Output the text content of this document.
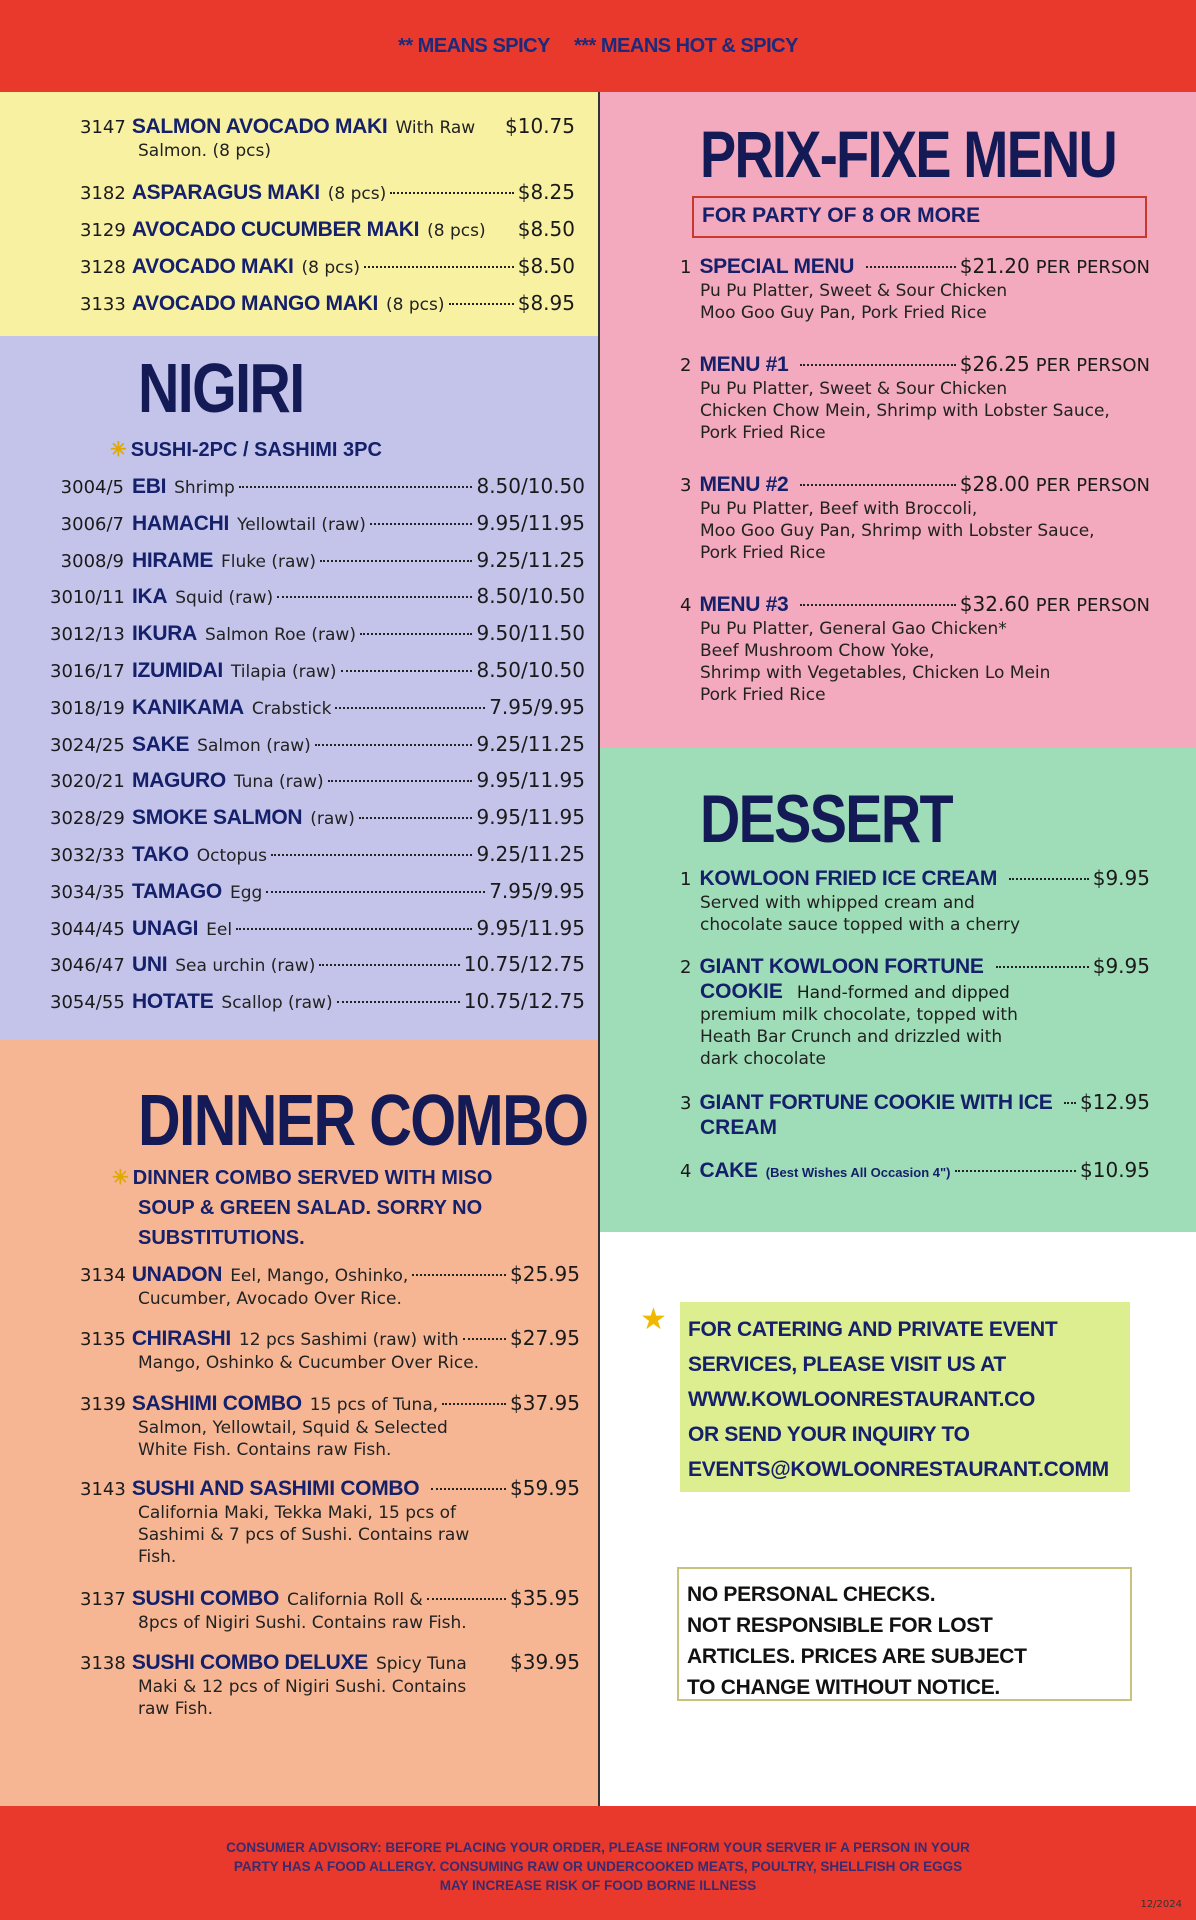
** MEANS SPICY *** MEANS HOT & SPICY
3147 SALMON AVOCADO MAKI With Raw $10.75
Salmon. (8 pcs)
3182 ASPARAGUS MAKI (8 pcs)	$8.25
3129 AVOCADO CUCUMBER MAKI (8 pcs) $8.50
3128 AVOCADO MAKI (8 pcs)	$8.50
3133 AVOCADO MANGO MAKI (8 pcs)	$8.95
NIGIRI
✳ SUSHI-2PC / SASHIMI 3PC
3004/5 EBI Shrimp	8.50/10.50
3006/7 HAMACHI Yellowtail (raw)	9.95/11.95
3008/9 HIRAME Fluke (raw)	9.25/11.25
3010/11 IKA Squid (raw)	8.50/10.50
3012/13 IKURA Salmon Roe (raw)	9.50/11.50
3016/17 IZUMIDAI Tilapia (raw)	8.50/10.50
3018/19 KANIKAMA Crabstick	7.95/9.95
3024/25 SAKE Salmon (raw)	9.25/11.25
3020/21 MAGURO Tuna (raw)	9.95/11.95
3028/29 SMOKE SALMON (raw)	9.95/11.95
3032/33 TAKO Octopus	9.25/11.25
3034/35 TAMAGO Egg	7.95/9.95
3044/45 UNAGI Eel	9.95/11.95
3046/47 UNI Sea urchin (raw)	10.75/12.75
3054/55 HOTATE Scallop (raw)	10.75/12.75
DINNER COMBO
✳ DINNER COMBO SERVED WITH MISO
SOUP & GREEN SALAD. SORRY NO
SUBSTITUTIONS.
3134 UNADON Eel, Mango, Oshinko,	$25.95
Cucumber, Avocado Over Rice.
3135 CHIRASHI 12 pcs Sashimi (raw) with	$27.95
Mango, Oshinko & Cucumber Over Rice.
3139 SASHIMI COMBO 15 pcs of Tuna,	$37.95
Salmon, Yellowtail, Squid & Selected
White Fish. Contains raw Fish.
3143 SUSHI AND SASHIMI COMBO	$59.95
California Maki, Tekka Maki, 15 pcs of
Sashimi & 7 pcs of Sushi. Contains raw
Fish.
3137 SUSHI COMBO California Roll &	$35.95
8pcs of Nigiri Sushi. Contains raw Fish.
3138 SUSHI COMBO DELUXE Spicy Tuna $39.95
Maki & 12 pcs of Nigiri Sushi. Contains
raw Fish.
PRIX-FIXE MENU
FOR PARTY OF 8 OR MORE
1 SPECIAL MENU	$21.20 PER PERSON
Pu Pu Platter, Sweet & Sour Chicken
Moo Goo Guy Pan, Pork Fried Rice
2 MENU #1	$26.25 PER PERSON
Pu Pu Platter, Sweet & Sour Chicken
Chicken Chow Mein, Shrimp with Lobster Sauce,
Pork Fried Rice
3 MENU #2	$28.00 PER PERSON
Pu Pu Platter, Beef with Broccoli,
Moo Goo Guy Pan, Shrimp with Lobster Sauce,
Pork Fried Rice
4 MENU #3	$32.60 PER PERSON
Pu Pu Platter, General Gao Chicken*
Beef Mushroom Chow Yoke,
Shrimp with Vegetables, Chicken Lo Mein
Pork Fried Rice
DESSERT
1 KOWLOON FRIED ICE CREAM	$9.95
Served with whipped cream and
chocolate sauce topped with a cherry
2 GIANT KOWLOON FORTUNE	$9.95
COOKIE Hand-formed and dipped
premium milk chocolate, topped with
Heath Bar Crunch and drizzled with
dark chocolate
3 GIANT FORTUNE COOKIE WITH ICE $12.95
CREAM
4 CAKE (Best Wishes All Occasion 4")	$10.95
★ FOR CATERING AND PRIVATE EVENT
SERVICES, PLEASE VISIT US AT
WWW.KOWLOONRESTAURANT.CO
OR SEND YOUR INQUIRY TO
EVENTS@KOWLOONRESTAURANT.COMM
NO PERSONAL CHECKS.
NOT RESPONSIBLE FOR LOST
ARTICLES. PRICES ARE SUBJECT
TO CHANGE WITHOUT NOTICE.
CONSUMER ADVISORY: BEFORE PLACING YOUR ORDER, PLEASE INFORM YOUR SERVER IF A PERSON IN YOUR
PARTY HAS A FOOD ALLERGY. CONSUMING RAW OR UNDERCOOKED MEATS, POULTRY, SHELLFISH OR EGGS
MAY INCREASE RISK OF FOOD BORNE ILLNESS
12/2024
